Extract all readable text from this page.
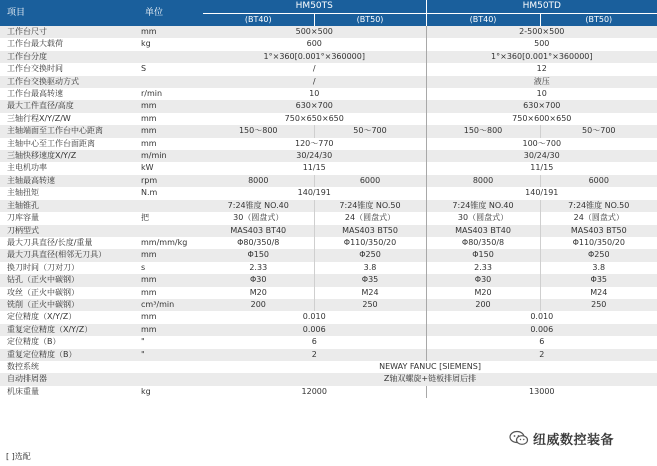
项目	单位	HM50TS		HM50TD	
		(BT40)	(BT50)	(BT40)	(BT50)
工作台尺寸	mm	500×500		2-500×500	
工作台最大载荷	kg	600		500	
工作台分度		1°×360[0.001°×360000]		1°×360[0.001°×360000]	
工作台交换时间	S	/		12	
工作台交换驱动方式		/		液压	
工作台最高转速	r/min	10		10	
最大工件直径/高度	mm	630×700		630×700	
三轴行程X/Y/Z/W	mm	750×650×650		750×600×650	
主轴端面至工作台中心距离	mm	150～800	50～700	150～800	50～700
主轴中心至工作台面距离	mm	120～770		100～700	
三轴快移速度X/Y/Z	m/min	30/24/30		30/24/30	
主电机功率	kW	11/15		11/15	
主轴最高转速	rpm	8000	6000	8000	6000
主轴扭矩	N.m	140/191		140/191	
主轴锥孔		7:24锥度 NO.40	7:24锥度 NO.50	7:24锥度 NO.40	7:24锥度 NO.50
刀库容量	把	30（圆盘式）	24（圆盘式）	30（圆盘式）	24（圆盘式）
刀柄型式		MAS403 BT40	MAS403 BT50	MAS403 BT40	MAS403 BT50
最大刀具直径/长度/重量	mm/mm/kg	Φ80/350/8	Φ110/350/20	Φ80/350/8	Φ110/350/20
最大刀具直径(相邻无刀具）	mm	Φ150	Φ250	Φ150	Φ250
换刀时间（刀对刀）	s	2.33	3.8	2.33	3.8
钻孔（正火中碳钢）	mm	Φ30	Φ35	Φ30	Φ35
攻丝（正火中碳钢）	mm	M20	M24	M20	M24
铣削（正火中碳钢）	cm³/min	200	250	200	250
定位精度（X/Y/Z）	mm	0.010		0.010	
重复定位精度（X/Y/Z）	mm	0.006		0.006	
定位精度（B）	"	6		6	
重复定位精度（B）	"	2		2	
数控系统		NEWAY FANUC [SIEMENS]			
自动排屑器		Z轴双螺旋+链板排屑后排			
机床重量	kg	12000		13000	
[ ]选配
纽威数控装备
